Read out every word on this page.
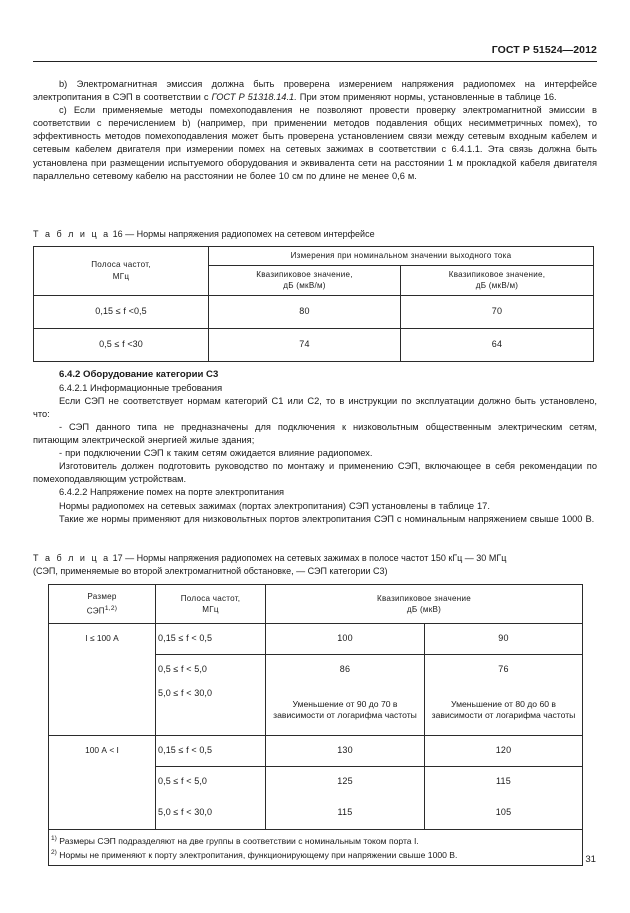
ГОСТ Р 51524—2012

b) Электромагнитная эмиссия должна быть проверена измерением напряжения радиопомех на интерфейсе электропитания в СЭП в соответствии с ГОСТ Р 51318.14.1. При этом применяют нормы, установленные в таблице 16.

c) Если применяемые методы помехоподавления не позволяют провести проверку электромагнитной эмиссии в соответствии с перечислением b) (например, при применении методов подавления общих несимметричных помех), то эффективность методов помехоподавления может быть проверена установлением связи между сетевым входным кабелем и сетевым кабелем двигателя при измерении помех на сетевых зажимах в соответствии с 6.4.1.1. Эта связь должна быть установлена при размещении испытуемого оборудования и эквивалента сети на расстоянии 1 м прокладкой кабеля двигателя параллельно сетевому кабелю на расстоянии не более 10 см по длине не менее 0,6 м.

Т а б л и ц а 16 — Нормы напряжения радиопомех на сетевом интерфейсе

Полоса частот,
МГц	Измерения при номинальном значении выходного тока	
	Квазипиковое значение,
дБ (мкВ/м)	Квазипиковое значение,
дБ (мкВ/м)
0,15 ≤ f <0,5	80	70
0,5 ≤ f <30	74	64

6.4.2 Оборудование категории С3

6.4.2.1 Информационные требования

Если СЭП не соответствует нормам категорий С1 или С2, то в инструкции по эксплуатации должно быть установлено, что:

- СЭП данного типа не предназначены для подключения к низковольтным общественным электрическим сетям, питающим электрической энергией жилые здания;

- при подключении СЭП к таким сетям ожидается влияние радиопомех.

Изготовитель должен подготовить руководство по монтажу и применению СЭП, включающее в себя рекомендации по помехоподавляющим устройствам.

6.4.2.2 Напряжение помех на порте электропитания

Нормы радиопомех на сетевых зажимах (портах электропитания) СЭП установлены в таблице 17.

Такие же нормы применяют для низковольтных портов электропитания СЭП с номинальным напряжением свыше 1000 В.

Т а б л и ц а 17 — Нормы напряжения радиопомех на сетевых зажимах в полосе частот 150 кГц — 30 МГц

(СЭП, применяемые во второй электромагнитной обстановке, — СЭП категории С3)

Размер
СЭП$^{1,2)}$	Полоса частот,
МГц	Квазипиковое значение
дБ (мкВ)	
I ≤ 100 А	0,15 ≤ f < 0,5	100	90
	0,5 ≤ f < 5,0	86	76
	5,0 ≤ f < 30,0	Уменьшение от 90 до 70 в зависимости от логарифма частоты	Уменьшение от 80 до 60 в зависимости от логарифма частоты
100 А < I	0,15 ≤ f < 0,5	130	120
	0,5 ≤ f < 5,0	125	115
	5,0 ≤ f < 30,0	115	105

$^{1)}$ Размеры СЭП подразделяют на две группы в соответствии с номинальным током порта I.
$^{2)}$ Нормы не применяют к порту электропитания, функционирующему при напряжении свыше 1000 В.				31
